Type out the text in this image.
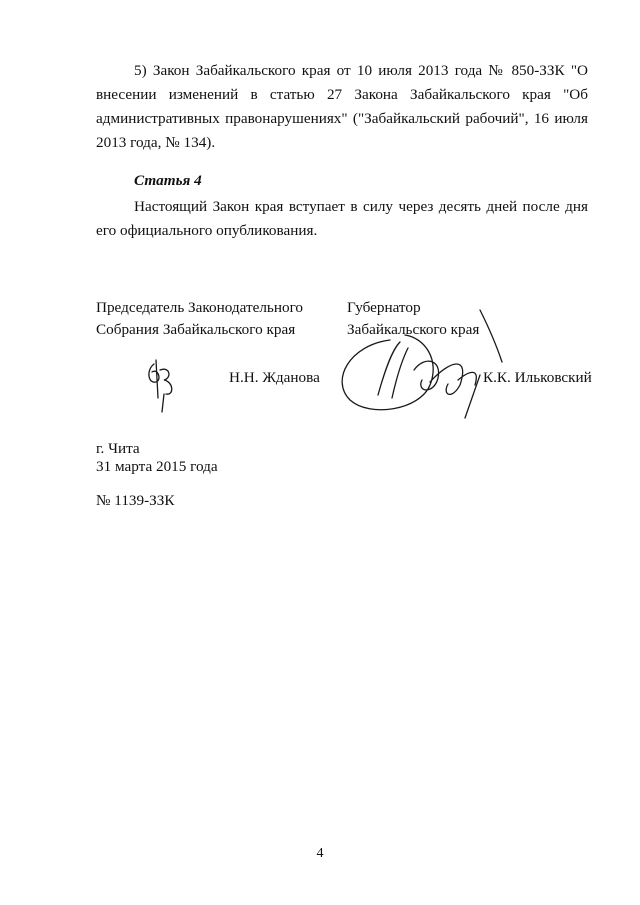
5) Закон Забайкальского края от 10 июля 2013 года № 850-ЗЗК "О внесении изменений в статью 27 Закона Забайкальского края "Об административных правонарушениях" ("Забайкальский рабочий", 16 июля 2013 года, № 134).

Статья 4

Настоящий Закон края вступает в силу через десять дней после дня его официального опубликования.

Председатель Законодательного
Собрания Забайкальского края
Губернатор
Забайкальского края
Н.Н. Жданова	К.К. Ильковский
г. Чита
31 марта 2015 года
№ 1139-ЗЗК
4
